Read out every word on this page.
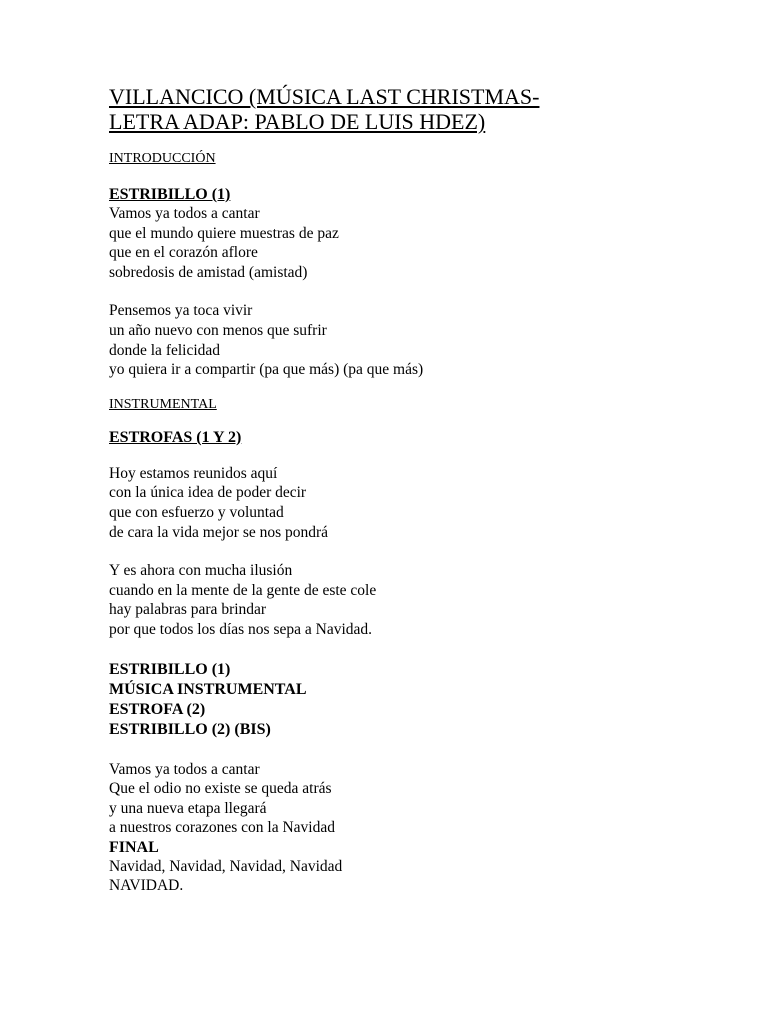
VILLANCICO (MÚSICA LAST CHRISTMAS-
LETRA ADAP: PABLO DE LUIS HDEZ)

INTRODUCCIÓN

ESTRIBILLO (1)

Vamos ya todos a cantar
que el mundo quiere muestras de paz
que en el corazón aflore
sobredosis de amistad (amistad)

Pensemos ya toca vivir
un año nuevo con menos que sufrir
donde la felicidad
yo quiera ir a compartir (pa que más) (pa que más)

INSTRUMENTAL

ESTROFAS (1 Y 2)

Hoy estamos reunidos aquí
con la única idea de poder decir
que con esfuerzo y voluntad
de cara la vida mejor se nos pondrá

Y es ahora con mucha ilusión
cuando en la mente de la gente de este cole
hay palabras para brindar
por que todos los días nos sepa a Navidad.

ESTRIBILLO (1)

MÚSICA INSTRUMENTAL

ESTROFA (2)

ESTRIBILLO (2) (BIS)

Vamos ya todos a cantar
Que el odio no existe se queda atrás
y una nueva etapa llegará
a nuestros corazones con la Navidad

FINAL

Navidad, Navidad, Navidad, Navidad
NAVIDAD.
